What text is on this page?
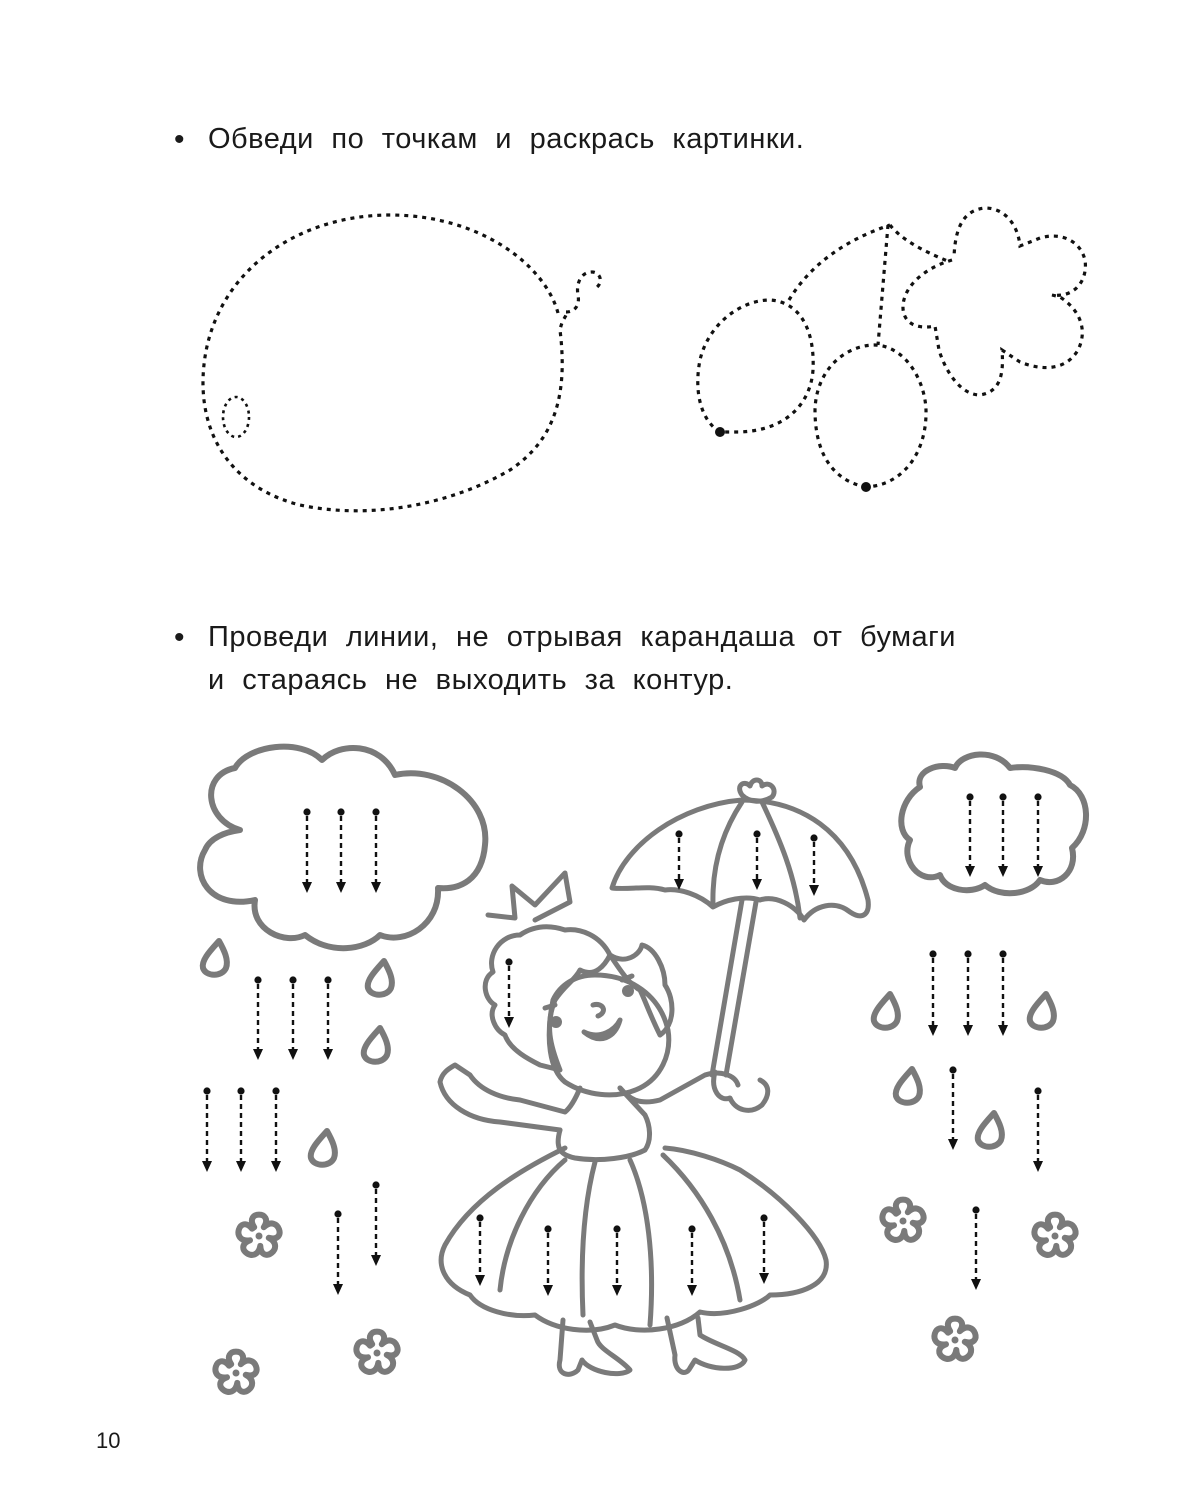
• Обведи по точкам и раскрась картинки.
• Проведи линии, не отрывая карандаша от бумаги
и стараясь не выходить за контур.
10
